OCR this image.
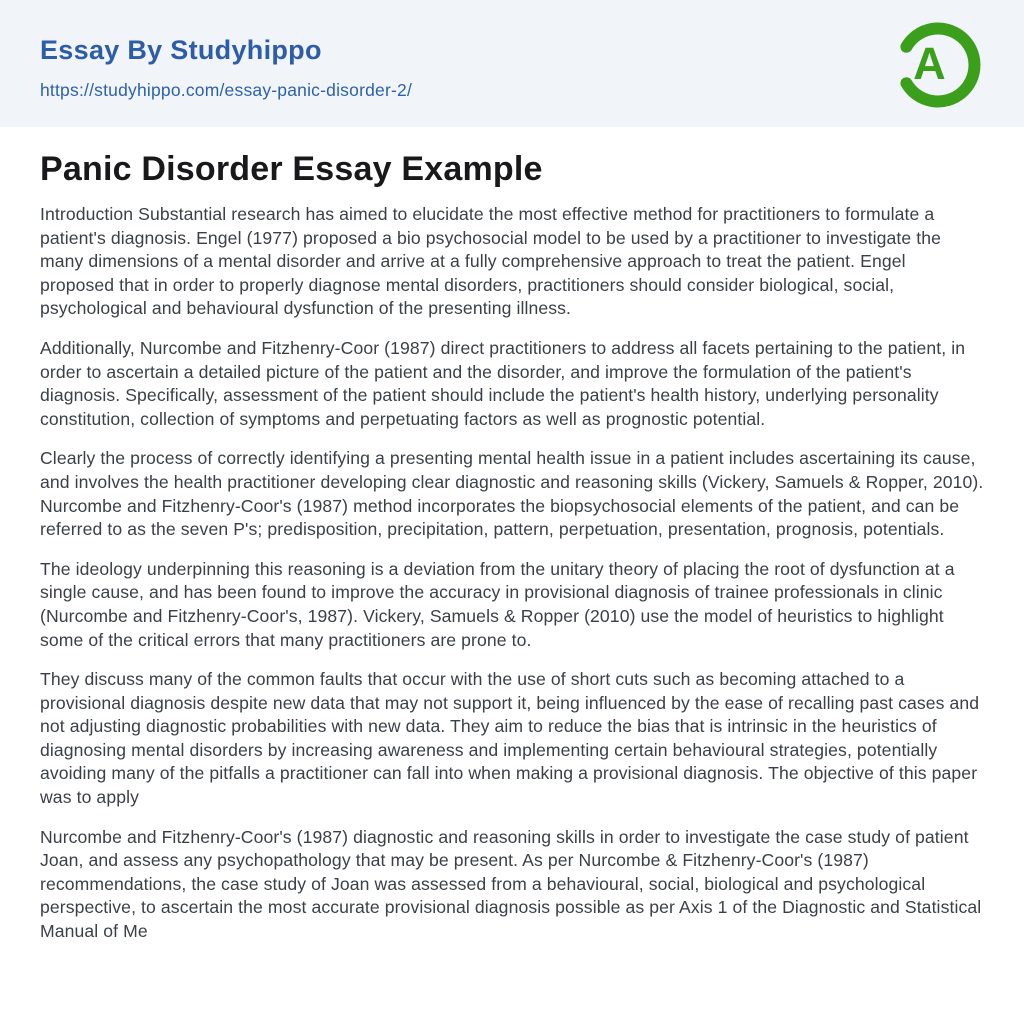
Essay By Studyhippo
https://studyhippo.com/essay-panic-disorder-2/
A
Panic Disorder Essay Example

Introduction Substantial research has aimed to elucidate the most effective method for practitioners to formulate a patient's diagnosis. Engel (1977) proposed a bio psychosocial model to be used by a practitioner to investigate the many dimensions of a mental disorder and arrive at a fully comprehensive approach to treat the patient. Engel proposed that in order to properly diagnose mental disorders, practitioners should consider biological, social, psychological and behavioural dysfunction of the presenting illness.

Additionally, Nurcombe and Fitzhenry-Coor (1987) direct practitioners to address all facets pertaining to the patient, in order to ascertain a detailed picture of the patient and the disorder, and improve the formulation of the patient's diagnosis. Specifically, assessment of the patient should include the patient's health history, underlying personality constitution, collection of symptoms and perpetuating factors as well as prognostic potential.

Clearly the process of correctly identifying a presenting mental health issue in a patient includes ascertaining its cause, and involves the health practitioner developing clear diagnostic and reasoning skills (Vickery, Samuels & Ropper, 2010). Nurcombe and Fitzhenry-Coor's (1987) method incorporates the biopsychosocial elements of the patient, and can be referred to as the seven P's; predisposition, precipitation, pattern, perpetuation, presentation, prognosis, potentials.

The ideology underpinning this reasoning is a deviation from the unitary theory of placing the root of dysfunction at a single cause, and has been found to improve the accuracy in provisional diagnosis of trainee professionals in clinic (Nurcombe and Fitzhenry-Coor's, 1987). Vickery, Samuels & Ropper (2010) use the model of heuristics to highlight some of the critical errors that many practitioners are prone to.

They discuss many of the common faults that occur with the use of short cuts such as becoming attached to a provisional diagnosis despite new data that may not support it, being influenced by the ease of recalling past cases and not adjusting diagnostic probabilities with new data. They aim to reduce the bias that is intrinsic in the heuristics of diagnosing mental disorders by increasing awareness and implementing certain behavioural strategies, potentially avoiding many of the pitfalls a practitioner can fall into when making a provisional diagnosis. The objective of this paper was to apply

Nurcombe and Fitzhenry-Coor's (1987) diagnostic and reasoning skills in order to investigate the case study of patient Joan, and assess any psychopathology that may be present. As per Nurcombe & Fitzhenry-Coor's (1987) recommendations, the case study of Joan was assessed from a behavioural, social, biological and psychological perspective, to ascertain the most accurate provisional diagnosis possible as per Axis 1 of the Diagnostic and Statistical Manual of Me
